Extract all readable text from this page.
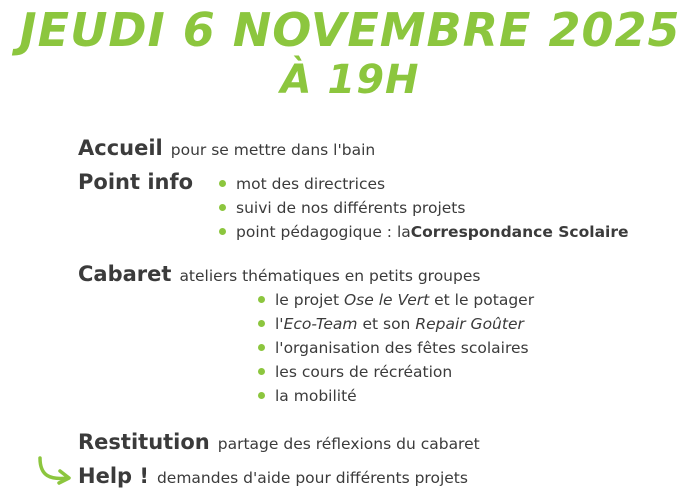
JEUDI 6 NOVEMBRE 2025
À 19H
Accueil pour se mettre dans l'bain
Point info	mot des directrices
suivi de nos différents projets
point pédagogique : la Correspondance Scolaire
Cabaret ateliers thématiques en petits groupes
le projet Ose le Vert et le potager
l'Eco-Team et son Repair Goûter
l'organisation des fêtes scolaires
les cours de récréation
la mobilité
Restitution partage des réflexions du cabaret
Help ! demandes d'aide pour différents projets
